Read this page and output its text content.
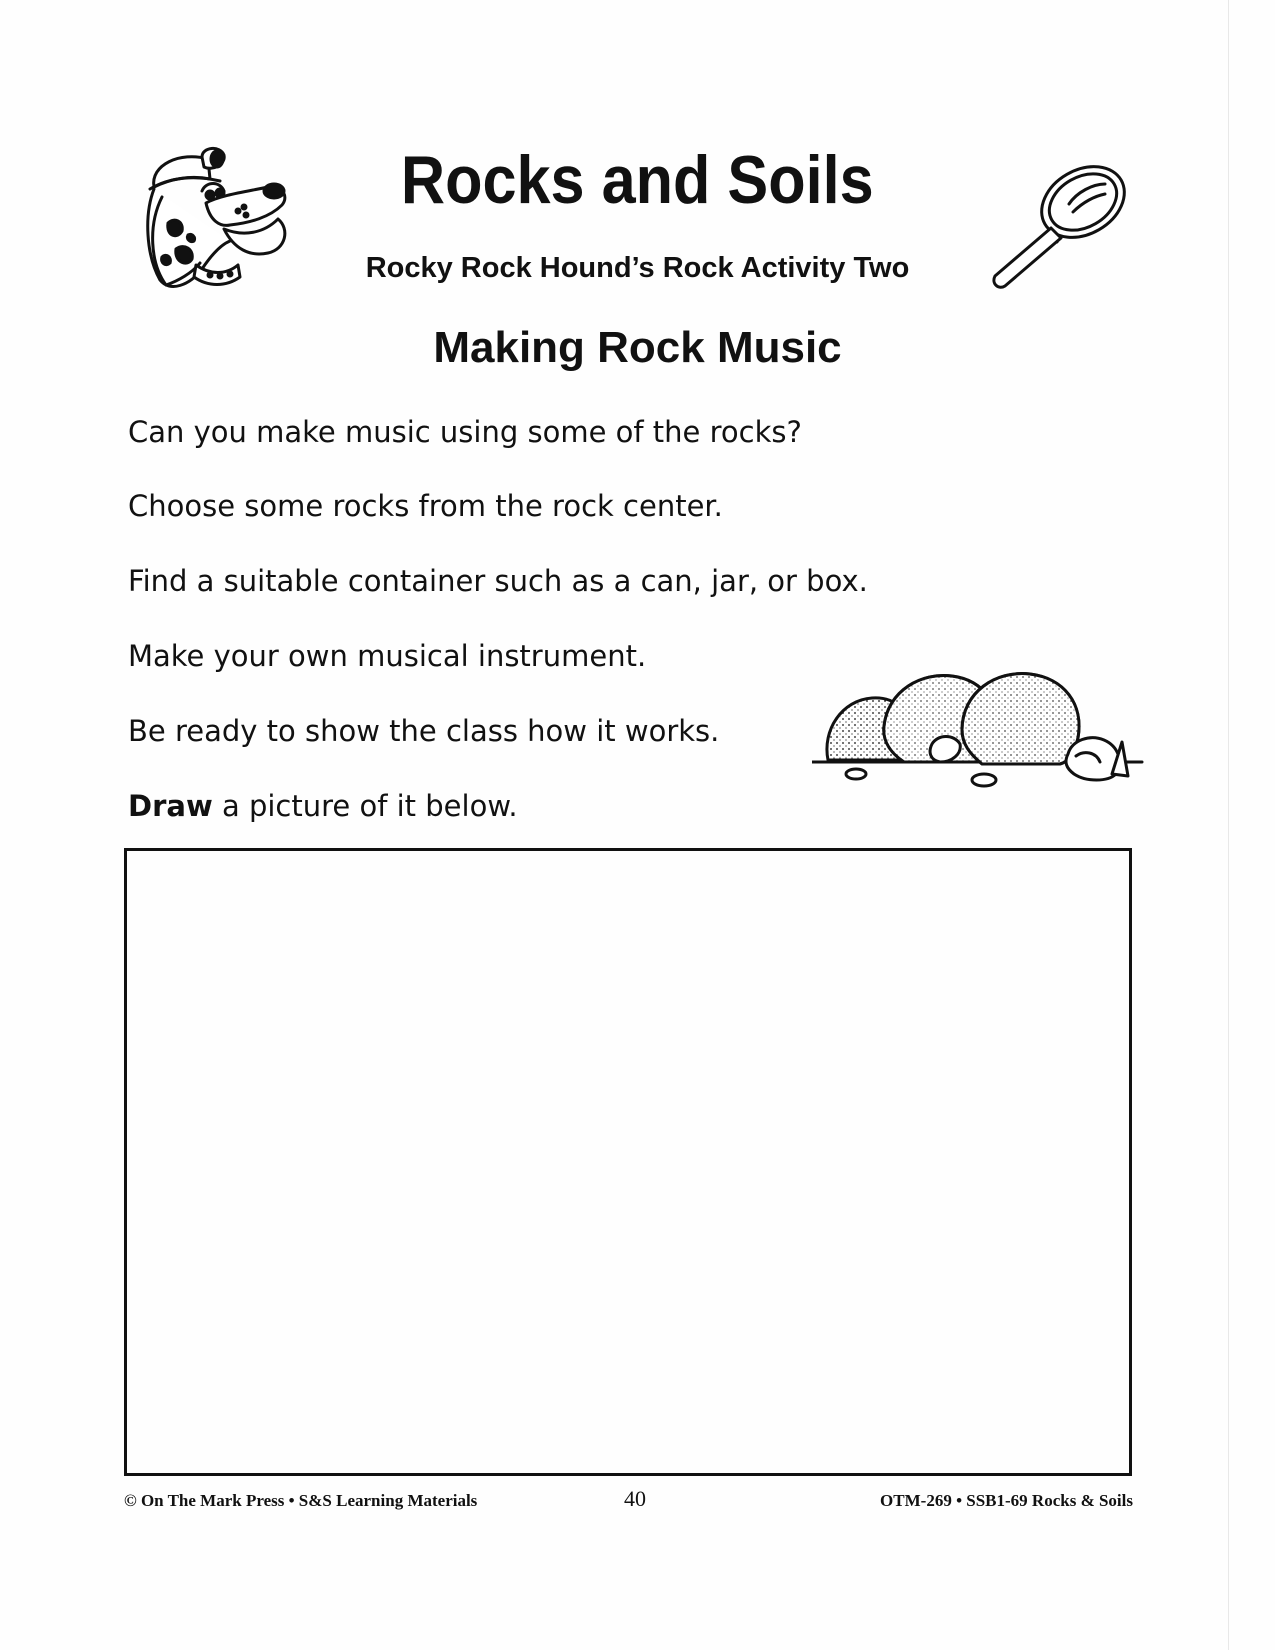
Rocks and Soils
Rocky Rock Hound’s Rock Activity Two
Making Rock Music
Can you make music using some of the rocks?
Choose some rocks from the rock center.
Find a suitable container such as a can, jar, or box.
Make your own musical instrument.
Be ready to show the class how it works.
Draw a picture of it below.
© On The Mark Press • S&S Learning Materials	40	OTM-269 • SSB1-69 Rocks & Soils
